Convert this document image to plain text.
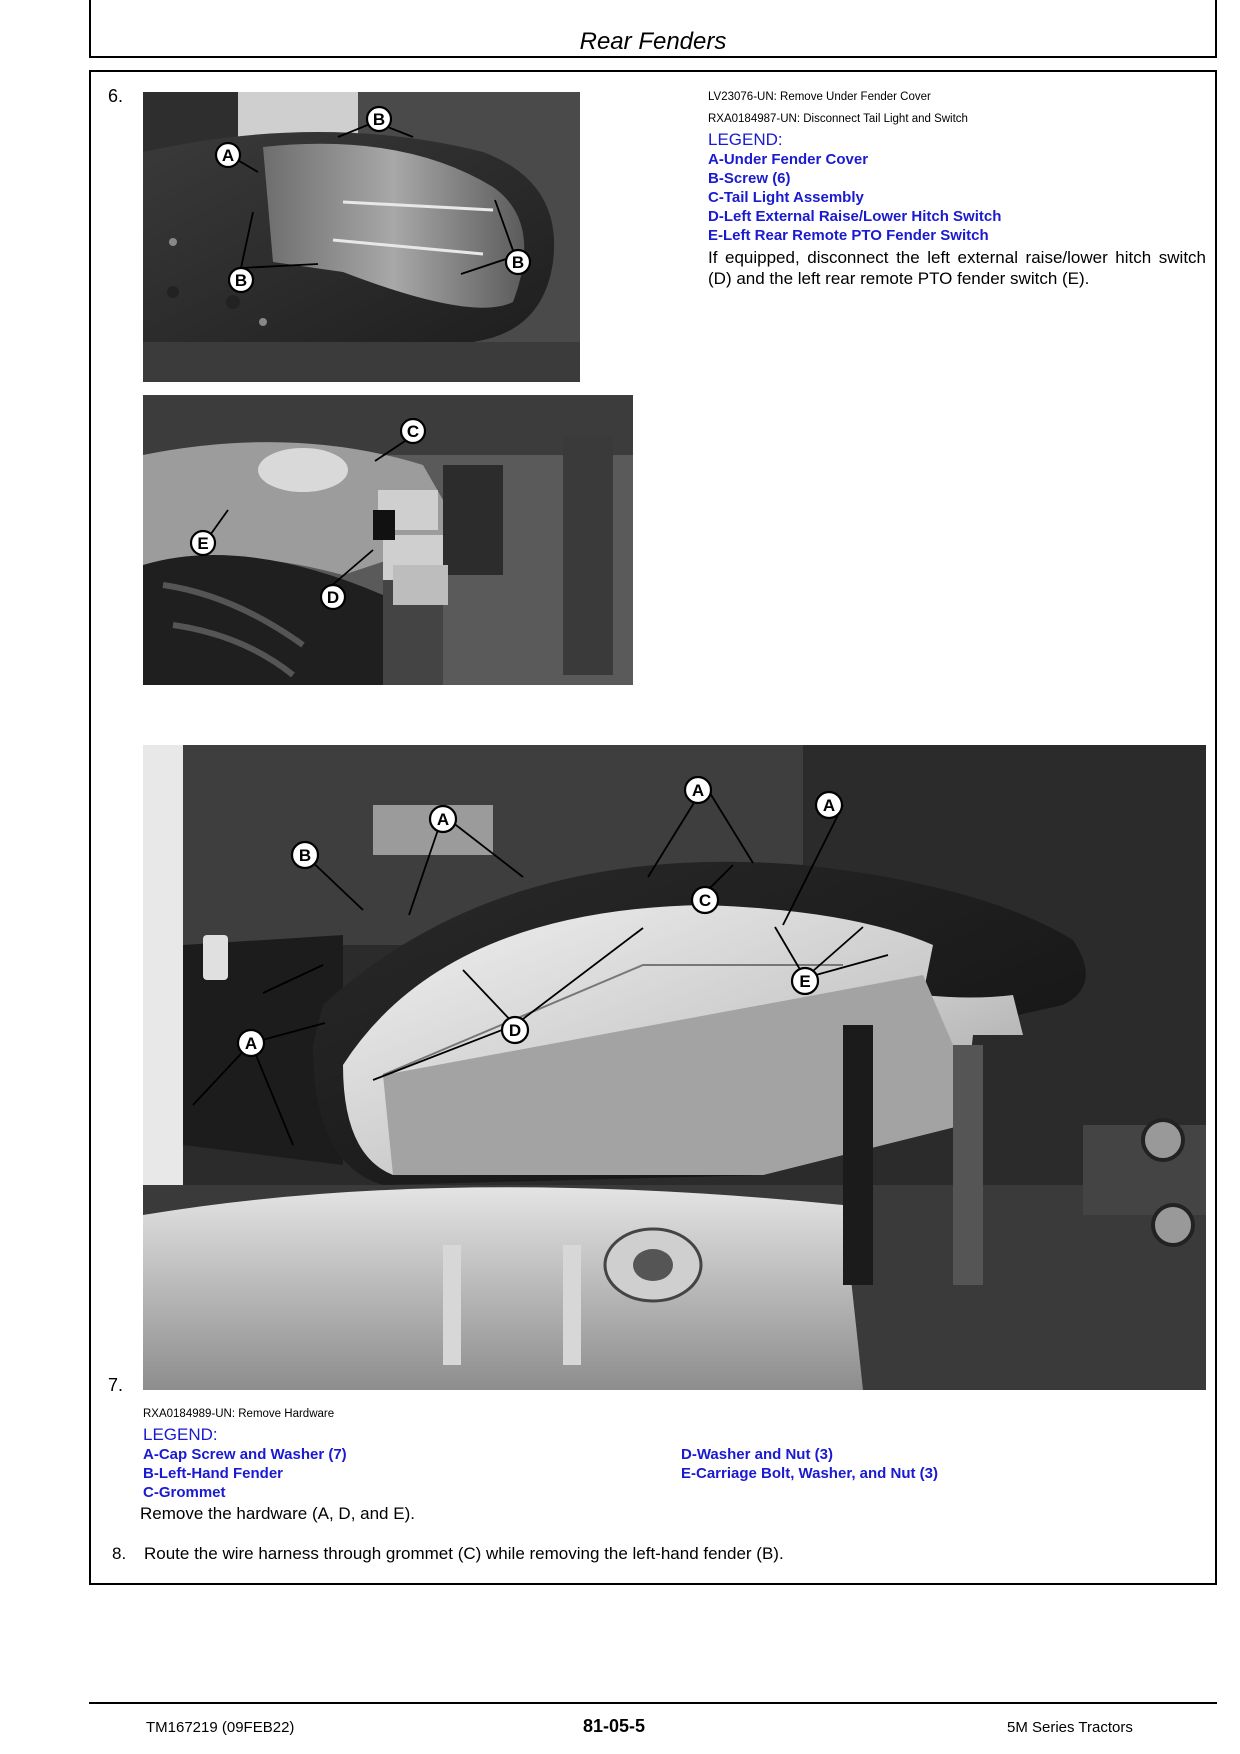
Rear Fenders
6.
A
B
B
B
C
E
D
LV23076-UN: Remove Under Fender Cover
RXA0184987-UN: Disconnect Tail Light and Switch
LEGEND:
A-Under Fender Cover
B-Screw (6)
C-Tail Light Assembly
D-Left External Raise/Lower Hitch Switch
E-Left Rear Remote PTO Fender Switch
If equipped, disconnect the left external raise/lower hitch switch (D) and the left rear remote PTO fender switch (E).
A
A
A
A
B
C
D
E
7.
RXA0184989-UN: Remove Hardware
LEGEND:
A-Cap Screw and Washer (7)
B-Left-Hand Fender
C-Grommet
D-Washer and Nut (3)
E-Carriage Bolt, Washer, and Nut (3)
Remove the hardware (A, D, and E).
8. Route the wire harness through grommet (C) while removing the left-hand fender (B).
TM167219 (09FEB22)	81-05-5	5M Series Tractors
